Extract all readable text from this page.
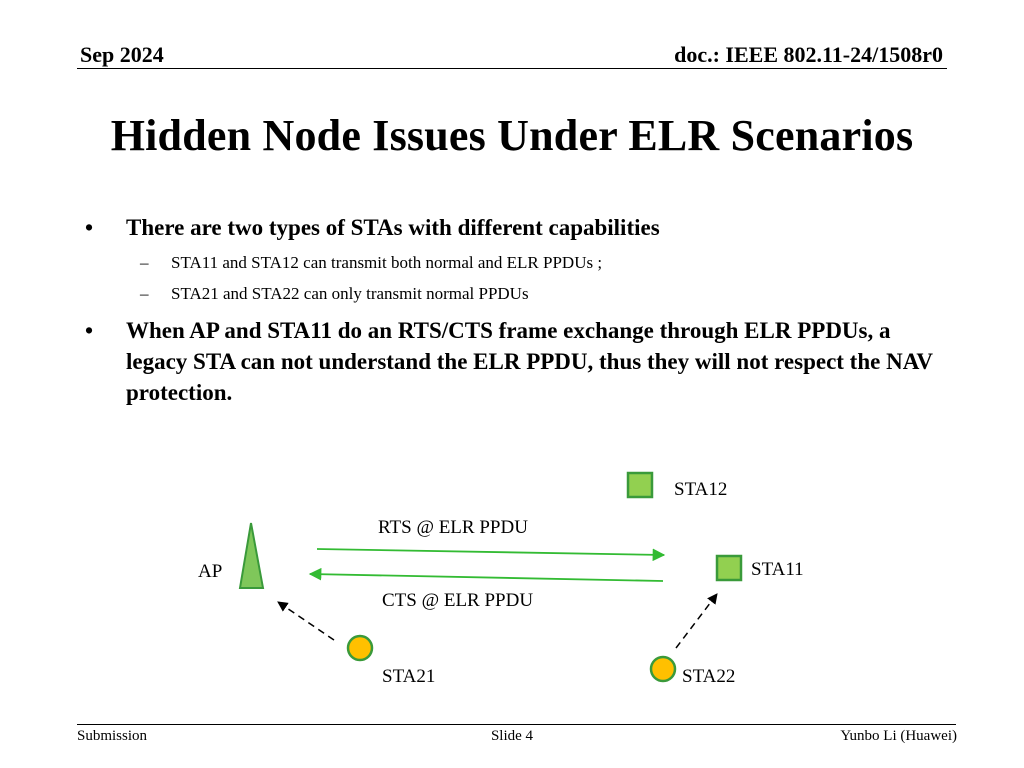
Sep 2024	doc.: IEEE 802.11-24/1508r0
Hidden Node Issues Under ELR Scenarios
• There are two types of STAs with different capabilities
– STA11 and STA12 can transmit both normal and ELR PPDUs ;
– STA21 and STA22 can only transmit normal PPDUs
• When AP and STA11 do an RTS/CTS frame exchange through ELR PPDUs, a legacy STA can not understand the ELR PPDU, thus they will not respect the NAV protection.
AP
STA12
STA11
STA21	STA22
RTS @ ELR PPDU
CTS @ ELR PPDU
Submission	Slide 4	Yunbo Li (Huawei)
